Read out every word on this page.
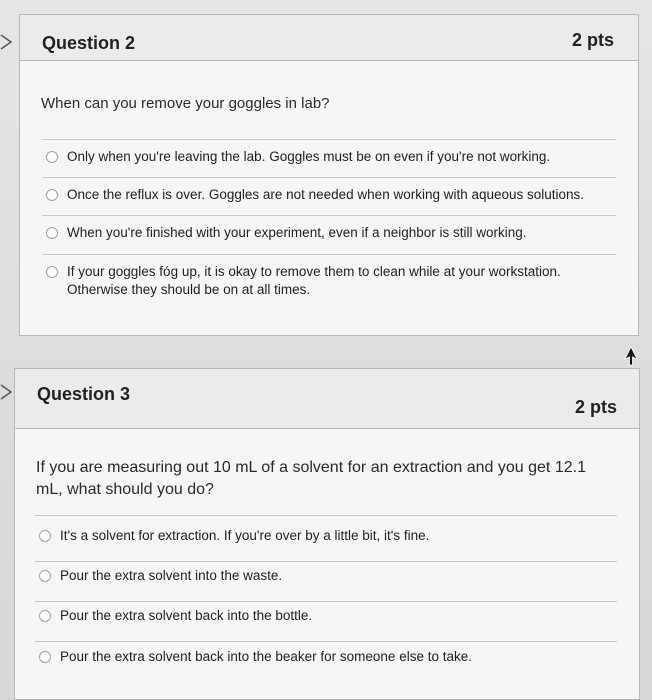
Question 2	2 pts
When can you remove your goggles in lab?
Only when you're leaving the lab. Goggles must be on even if you're not working.
Once the reflux is over. Goggles are not needed when working with aqueous solutions.
When you're finished with your experiment, even if a neighbor is still working.
If your goggles fóg up, it is okay to remove them to clean while at your workstation. Otherwise they should be on at all times.
Question 3
2 pts
If you are measuring out 10 mL of a solvent for an extraction and you get 12.1 mL, what should you do?
It's a solvent for extraction. If you're over by a little bit, it's fine.
Pour the extra solvent into the waste.
Pour the extra solvent back into the bottle.
Pour the extra solvent back into the beaker for someone else to take.
